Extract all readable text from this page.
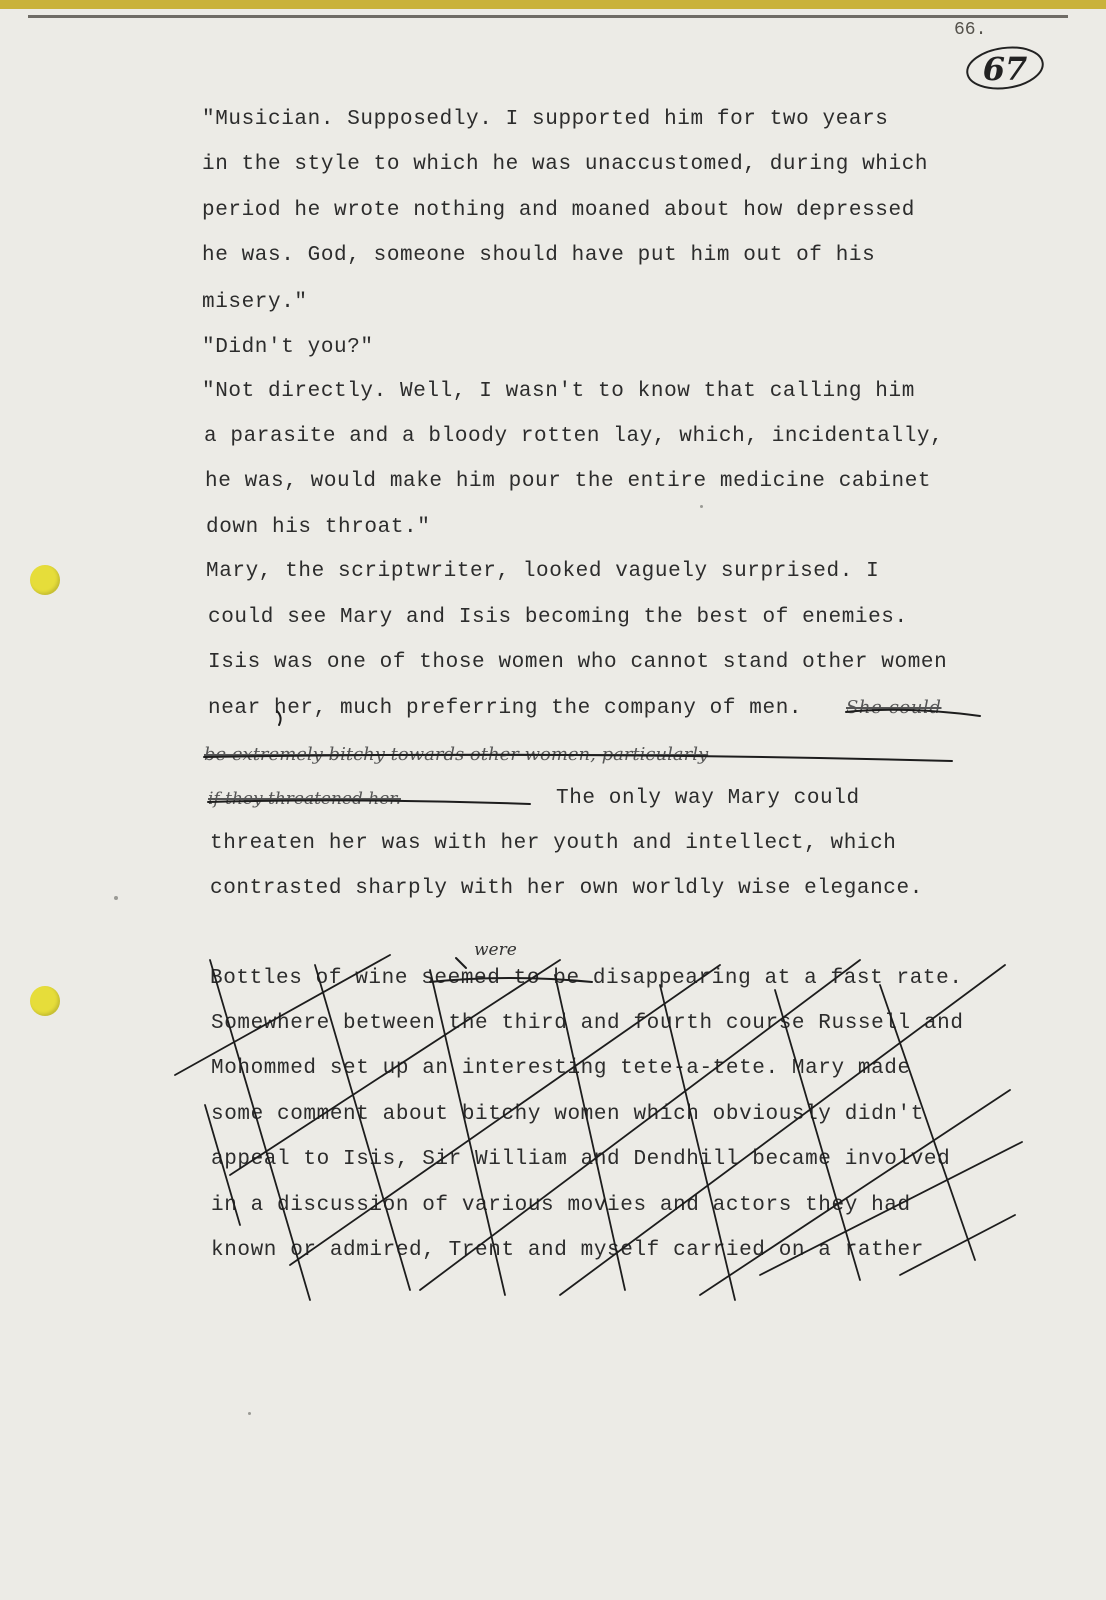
66.
67

"Musician. Supposedly. I supported him for two years

in the style to which he was unaccustomed, during which

period he wrote nothing and moaned about how depressed

he was. God, someone should have put him out of his

misery."

"Didn't you?"

"Not directly. Well, I wasn't to know that calling him

a parasite and a bloody rotten lay, which, incidentally,

he was, would make him pour the entire medicine cabinet

down his throat."

Mary, the scriptwriter, looked vaguely surprised. I

could see Mary and Isis becoming the best of enemies.

Isis was one of those women who cannot stand other women

near her, much preferring the company of men. She could
be extremely bitchy towards other women, particularly
if they threatened her.	The only way Mary could

threaten her was with her youth and intellect, which

contrasted sharply with her own worldly wise elegance.

were

Bottles of wine seemed to be disappearing at a fast rate.

Somewhere between the third and fourth course Russell and

Mohommed set up an interesting tete-a-tete. Mary made

some comment about bitchy women which obviously didn't

appeal to Isis, Sir William and Dendhill became involved

in a discussion of various movies and actors they had

known or admired, Trent and myself carried on a rather
